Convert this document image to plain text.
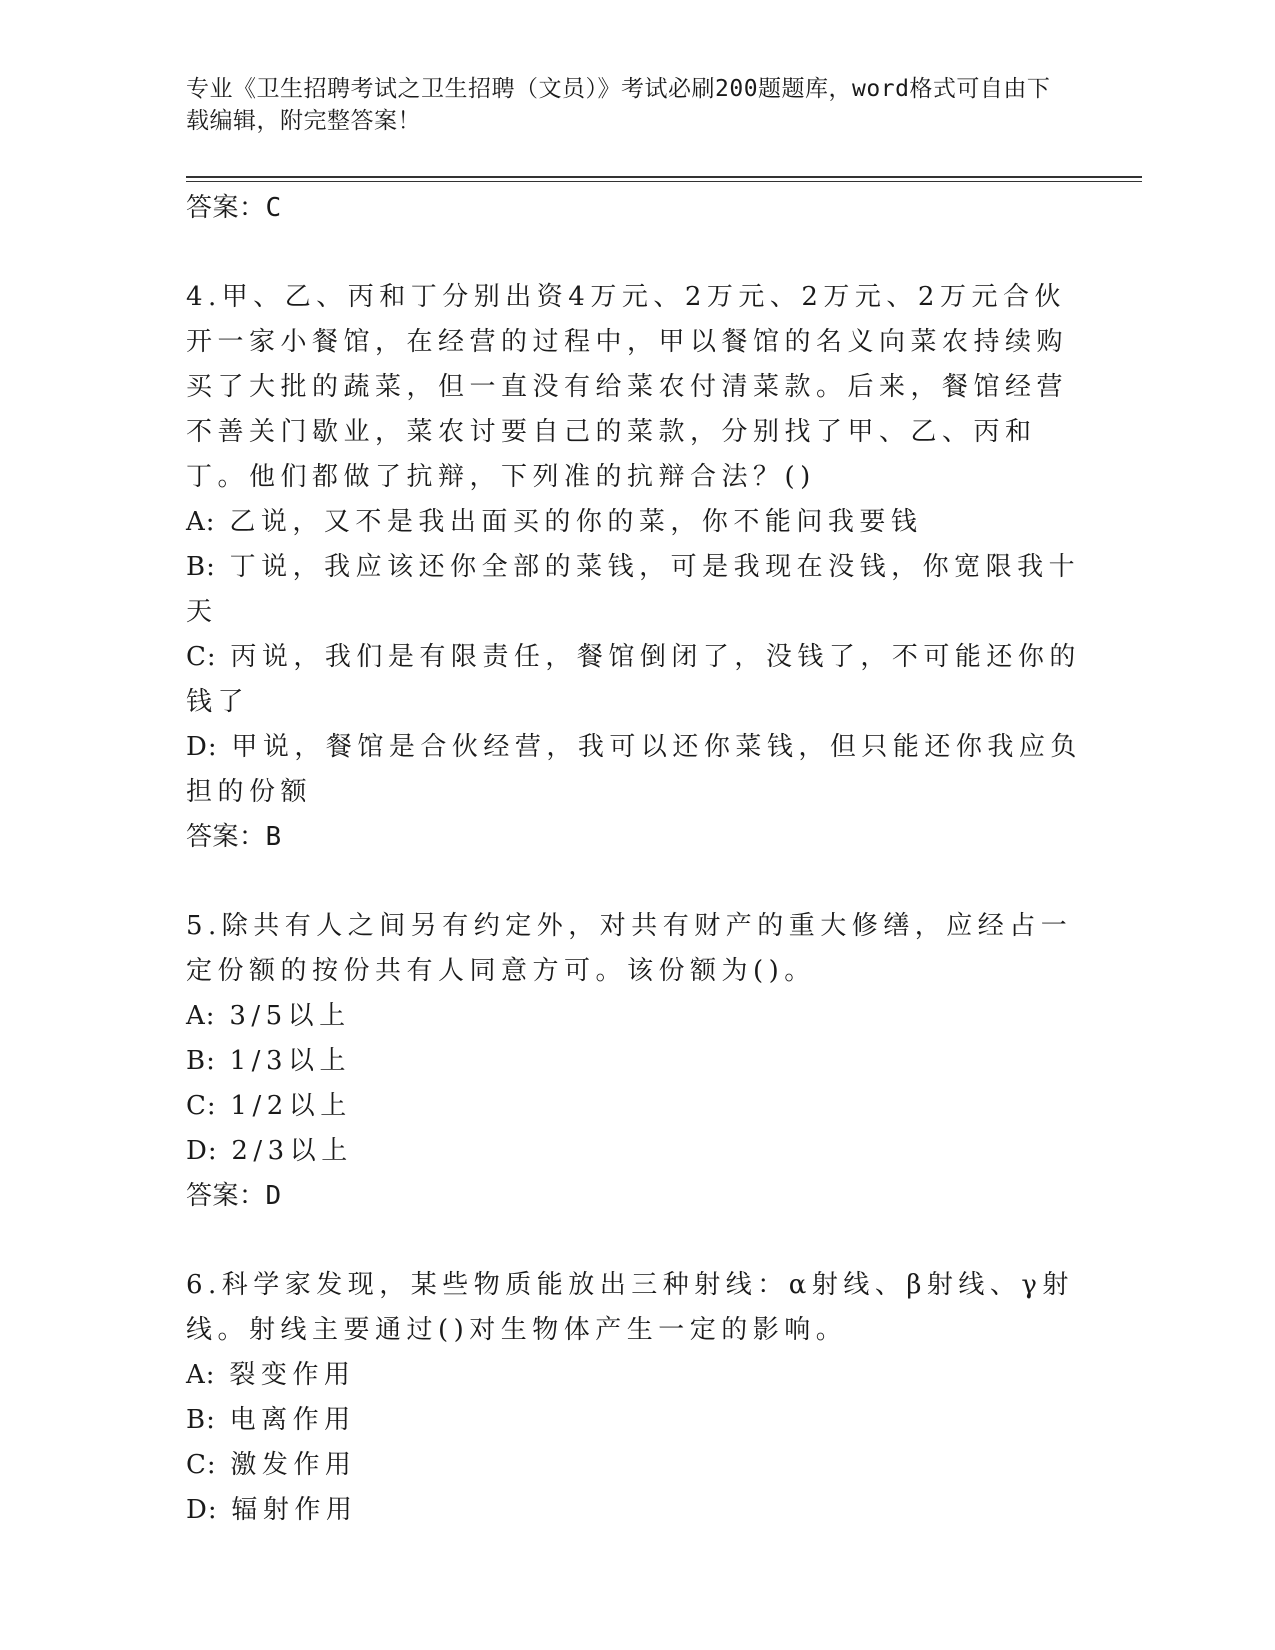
专业《卫生招聘考试之卫生招聘（文员）》考试必刷200题题库，word格式可自由下载编辑，附完整答案！
答案：C
4.甲、乙、丙和丁分别出资4万元、2万元、2万元、2万元合伙开一家小餐馆，在经营的过程中，甲以餐馆的名义向菜农持续购买了大批的蔬菜，但一直没有给菜农付清菜款。后来，餐馆经营不善关门歇业，菜农讨要自己的菜款，分别找了甲、乙、丙和丁。他们都做了抗辩，下列准的抗辩合法？()
A: 乙说，又不是我出面买的你的菜，你不能问我要钱
B: 丁说，我应该还你全部的菜钱，可是我现在没钱，你宽限我十天
C: 丙说，我们是有限责任，餐馆倒闭了，没钱了，不可能还你的钱了
D: 甲说，餐馆是合伙经营，我可以还你菜钱，但只能还你我应负担的份额
答案：B
5.除共有人之间另有约定外，对共有财产的重大修缮，应经占一定份额的按份共有人同意方可。该份额为()。
A: 3/5以上
B: 1/3以上
C: 1/2以上
D: 2/3以上
答案：D
6.科学家发现，某些物质能放出三种射线：α射线、β射线、γ射线。射线主要通过()对生物体产生一定的影响。
A: 裂变作用
B: 电离作用
C: 激发作用
D: 辐射作用
